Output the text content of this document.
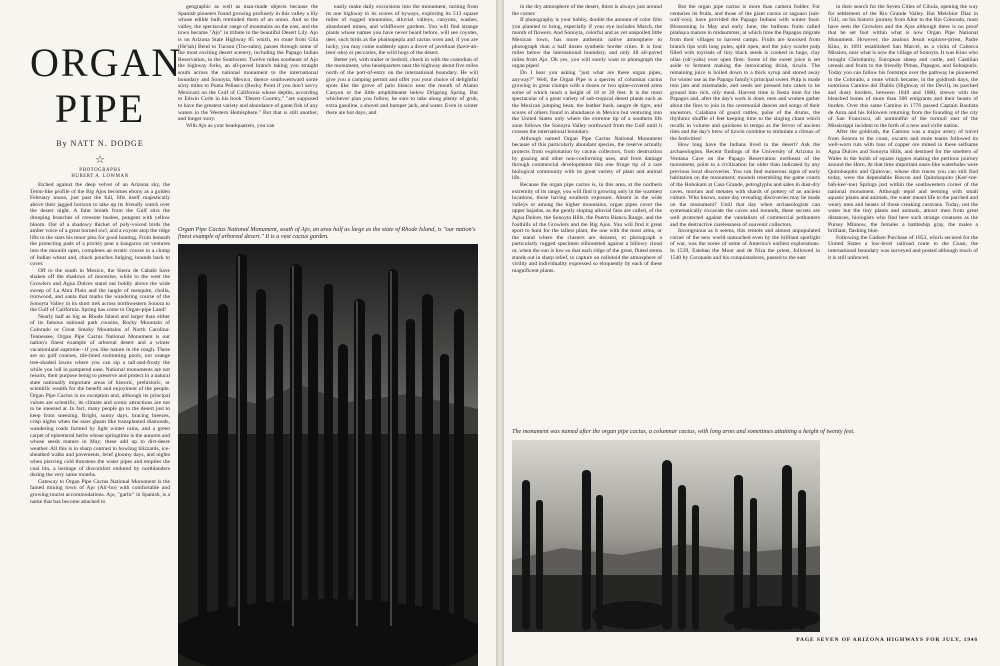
ORGAN
PIPE
By NATT N. DODGE
☆
PHOTOGRAPHS
HUBERT A. LOWMAN

Etched against the deep velvet of an Arizona sky, the Teton-like profile of the Big Ajos becomes ebony as a golden February moon, just past the full, lifts itself majestically above their jagged horizon to take up its friendly watch over the desert night. A faint breath from the Gulf stirs the drooping branches of creosote bushes, pungent with yellow bloom. Out of a shadowy thicket of poly-voiced birds the amber voice of a great horned owl, and a coyote atop the ridge lifts to the stars his tenor plea for good hunting. From beneath the protecting pads of a prickly pear a kangaroo rat ventures into the moonlit open, completes an erratic course to a clump of Indian wheat and, chuck pouches bulging, bounds back to cover.

Off to the south in Mexico, the Sierra de Cababi have shaken off the shadows of moonrise, while to the west the Growlers and Agua Dulces stand out boldly above the wide sweep of La Abra Plain and the tangle of mesquite, cholla, ironwood, and santa that marks the wandering course of the Sonoyta Valley in its short trek across northwestern Sonora to the Gulf of California. Spring has come to Organ-pipe Land!

Nearly half as big as Rhode Island and larger than either of its famous national park cousins, Rocky Mountain of Colorado or Great Smoky Mountains of North Carolina-Tennessee, Organ Pipe Cactus National Monument is our nation's finest example of arboreal desert and a winter vacationland supreme—if you like nature in the rough. There are no golf courses, tile-lined swimming pools, nor orange tree-shaded lawns where you can sip a tall-and-frosty the while you loll in pampered ease. National monuments are not resorts, their purpose being to preserve and protect in a natural state nationally important areas of historic, prehistoric, or scientific wealth for the benefit and enjoyment of the people. Organ Pipe Cactus is no exception and, although its principal values are scientific, its climate and scenic attractions are not to be sneezed at. In fact, many people go to the desert just to keep from sneezing. Bright, sunny days, bracing breezes, crisp nights when the stars gleam like transplanted diamonds, wandering roads formed by light winter rains, and a green carpet of ephemeral herbs whose springtime is the autumn and whose seeds mature in May; these add up to dirt-deere weather. All this is in sharp contrast to howling blizzards, ice-sheathed walks and pavements, brief gloomy days, and nights when piercing cold threatens the water pipes and empties the coal bin, a heritage of discomfort endured by northlanders during the very same months.

Gateway to Organ Pipe Cactus National Monument is the famed mining town of Ajo (Ah'-ho) with comfortable and growing tourist accommodations. Ajo, "garlic" in Spanish, is a name that has become attached to

geographic as well as man-made objects because the Spanish pioneers found growing profusely in this valley a lily whose edible bulb reminded them of an onion. And so the valley, the spectacular range of mountains on the east, and the town became "Ajo" in tribute to the beautiful Desert Lily. Ajo is on Arizona State Highway 85 which, en route from Gila (He'lah) Bend to Tucson (Too-sahn), passes through some of the most exciting desert scenery, including the Papago Indian Reservation, in the Southwest. Twelve miles southeast of Ajo the highway forks, an all-paved branch taking you straight south across the national monument to the international boundary and Sonoyta, Mexico, thence southwestward some sixty miles to Punta Peñasco (Rocky Point if you don't savvy Mexican) on the Gulf of California whose depths, according to Edwin Corle in his book "Desert Country," "are supposed to have the greatest variety and abundance of game fish of any waters in the Western Hemisphere." But that is still another, and longer story.

With Ajo as your headquarters, you can

easily make daily excursions into the monument, turning from its one highway to its scores of byways, exploring its 513 square miles of rugged mountains, alluvial valleys, canyons, washes, abandoned mines, and wildflower gardens. You will find strange plants whose names you have never heard before, will see coyotes, deer, such birds as the phainopepla and cactus wren and, if you are lucky, you may come suddenly upon a drove of javelinas (have-ah-leen'-ahs) or peccaries, the wild hogs of the desert.

Better yet, with trailer or bedroll, check in with the custodian of the monument, who headquarters near the highway about five miles north of the port-of-entry on the international boundary. He will give you a camping permit and offer you your choice of delightful spots like the grove of palo blanco near the mouth of Alamo Canyon or the little amphitheater below Dripping Spring. But whichever plan you follow, be sure to take along plenty of grub, extra gasoline, a shovel and bumper jack, and water. Even in winter there are hot days, and

Organ Pipe Cactus National Monument, south of Ajo, an area half as large as the state of Rhode Island, is "our nation's finest example of arboreal desert." It is a vast cactus garden.

in the dry atmosphere of the desert, thirst is always just around the corner.

If photography is your hobby, double the amount of color film you planned to bring, especially if your eye includes March, the month of flowers. And Sonoyta, colorful and as yet unspoiled little Mexican town, has more authentic native atmosphere to photograph than a half dozen synthetic border cities. It is four miles below the international boundary, and only 48 all-paved miles from Ajo. Oh yes, you will surely want to photograph the organ pipes!

Do I hear you asking "just what are these organ pipes, anyway?" Well, the Organ Pipe is a species of columnar cactus growing in great clumps with a dozen or two spine-covered arms some of which reach a height of 18 or 20 feet. It is the most spectacular of a great variety of sub-tropical desert plants such as the Mexican jumping bean, the leather bush, sangre de tigre, and scores of others found in abundance in Mexico but venturing into the United States only where the extreme tip of a southern life zone follows the Sonoyta Valley northward from the Gulf until it crosses the international boundary.

Although named Organ Pipe Cactus National Monument because of this particularly abundant species, the reserve actually protects from exploitation by cactus collectors, from destruction by grazing and other non-conforming uses, and from damage through commercial developments this one fringe tip of a rare biological community with its great variety of plant and animal life.

Because the organ pipe cactus is, in this area, at the northern extremity of its range, you will find it growing only in the warmest locations, those having southern exposure. Absent in the wide valleys or among the higher mountains, organ pipes cover the upper bajadas, as the gently sloping alluvial fans are called, of the Agua Dulces, the Sonoyta Hills, the Puerto Blanco Range, and the foothills of the Growlers and the Big Ajos. You will find it great sport to hunt for the tallest plant, the one with the most arms, or the stand where the clusters are densest, to photograph a particularly rugged specimen silhouetted against a billowy cloud or, when the sun is low so that each ridge of the great, fluted stems stands out in sharp relief, to capture on celluloid the atmosphere of virility and individuality expressed so eloquently by each of these magnificent plants.

But the organ pipe cactus is more than camera fodder. For centuries its fruits, and those of the giant cactus or saguaro (sah-wah'-roo), have provided the Papago Indians with winter food. Blossoming in May and early June, the bulbous fruits called pitahaya mature in midsummer, at which time the Papagos migrate from their villages to harvest camps. Fruits are knocked from branch tips with long poles, split open, and the juicy scarlet pulp filled with myriads of tiny black seeds is cooked in huge, clay ollas (oh'-yahs) over open fires. Some of the sweet juice is set aside to ferment making the intoxicating drink, tizwin. The remaining juice is boiled down to a thick syrup and stored away for winter use as the Papago family's principal sweet. Pulp is made into jam and marmalade, and seeds are pressed into cakes to be ground into rich, oily meal. Harvest time is fiesta time for the Papagos and, after the day's work is done, men and women gather about the fires to join in the ceremonial dances and songs of their ancestors. Calabaza of gourd rattles, pulse of the drums, the rhythmic shuffle of feet keeping time to the singing chant which recalls in volume and quickens in tempo as the fervor of ancient rites and the day's brew of tizwin combine to stimulate a climax of the festivities!

How long have the Indians lived in the desert? Ask the archaeologists. Recent findings of the University of Arizona in Ventana Cave on the Papago Reservation northeast of the monument, point to a civilization far older than indicated by any previous local discoveries. You can find numerous signs of early habitation on the monument; mounds resembling the game courts of the Hohokam at Casa Grande, petroglyphs and sales in dust-dry caves, mortars and metates with shards of pottery of an ancient culture. Who knows, some day revealing discoveries may be made on the monument? Until that day when archaeologists can systematically excavate the caves and mounds, these secrets are well protected against the vandalism of commercial pothunters and the destructive carelessness of souvenir collectors.

Incongruous as it seems, this remote and almost unpopulated corner of the new world untouched even by the brilliant spotlight of war, was the scene of some of America's earliest explorations. In 1539, Esteban the Moor and de Niza the priest, followed in 1540 by Coronado and his conquistadores, passed to the east

in their search for the Seven Cities of Cibola, opening the way for settlement of the Rio Grande Valley. But Melchior Diaz in 1541, on his historic journey from Altar to the Rio Colorado, must have seen the Growlers and the Ajos although there is no proof that he set foot within what is now Organ Pipe National Monument. However, the zealous Jesuit explorer-priest, Padre Kino, in 1691 established San Marcel, as a visita of Caborca Mission, near what is now the village of Sonoyta. It was Kino who brought Christianity, European sheep and cattle, and Castilian cereals and fruits to the friendly Pimas, Papagos, and Sobaipuris. Today you can follow his footsteps over the pathway he pioneered to the Colorado, a route which became, in the goldrush days, the notorious Camino del Diablo (Highway of the Devil), its parched and dusty borders, between 1849 and 1860, strewn with the bleached bones of more than 300 emigrants and their beasts of burden. Over this same Camino in 1776 passed Captain Bautista de Anza and his followers returning from the founding of the city of San Francisco, all unmindful of the turmoil east of the Mississippi incident to the birth of a new and virile nation.

After the goldrush, the Camino was a major artery of travel from Sonora to the coast, oxcarts and mule teams followed its well-worn ruts with tons of copper ore mined in these selfsame Agua Dulces and Sonoyta Hills, and destined for the smelters of Wales in the holds of square riggers making the perilous journey around the Horn. At that time important oasis-like waterholes were Quitobaquito and Quitovac, whose dim traces you can still find today, were the dependable Rincon and Quitobaquito (Kee'-toe-bah-kee'-toe) Springs just within the southwestern corner of the national monument. Although tepid and teeming with small aquatic plants and animals, the water meant life to the parched and weary men and beasts of those creaking caravans. Today, not the water but the tiny plants and animals, attract men from great distances, biologists who find here such strange creatures as the Pursey Minnow, the females a battleship gray, the males a brilliant, flashing blue.

Following the Gadsen Purchase of 1853, which secured for the United States a low-level railroad route to the Coast, the international boundary was surveyed and posted although much of it is still unfenced.

The monument was named after the organ pipe cactus, a columnar cactus, with long arms and sometimes attaining a height of twenty feet.
PAGE SEVEN OF ARIZONA HIGHWAYS FOR JULY, 1946
